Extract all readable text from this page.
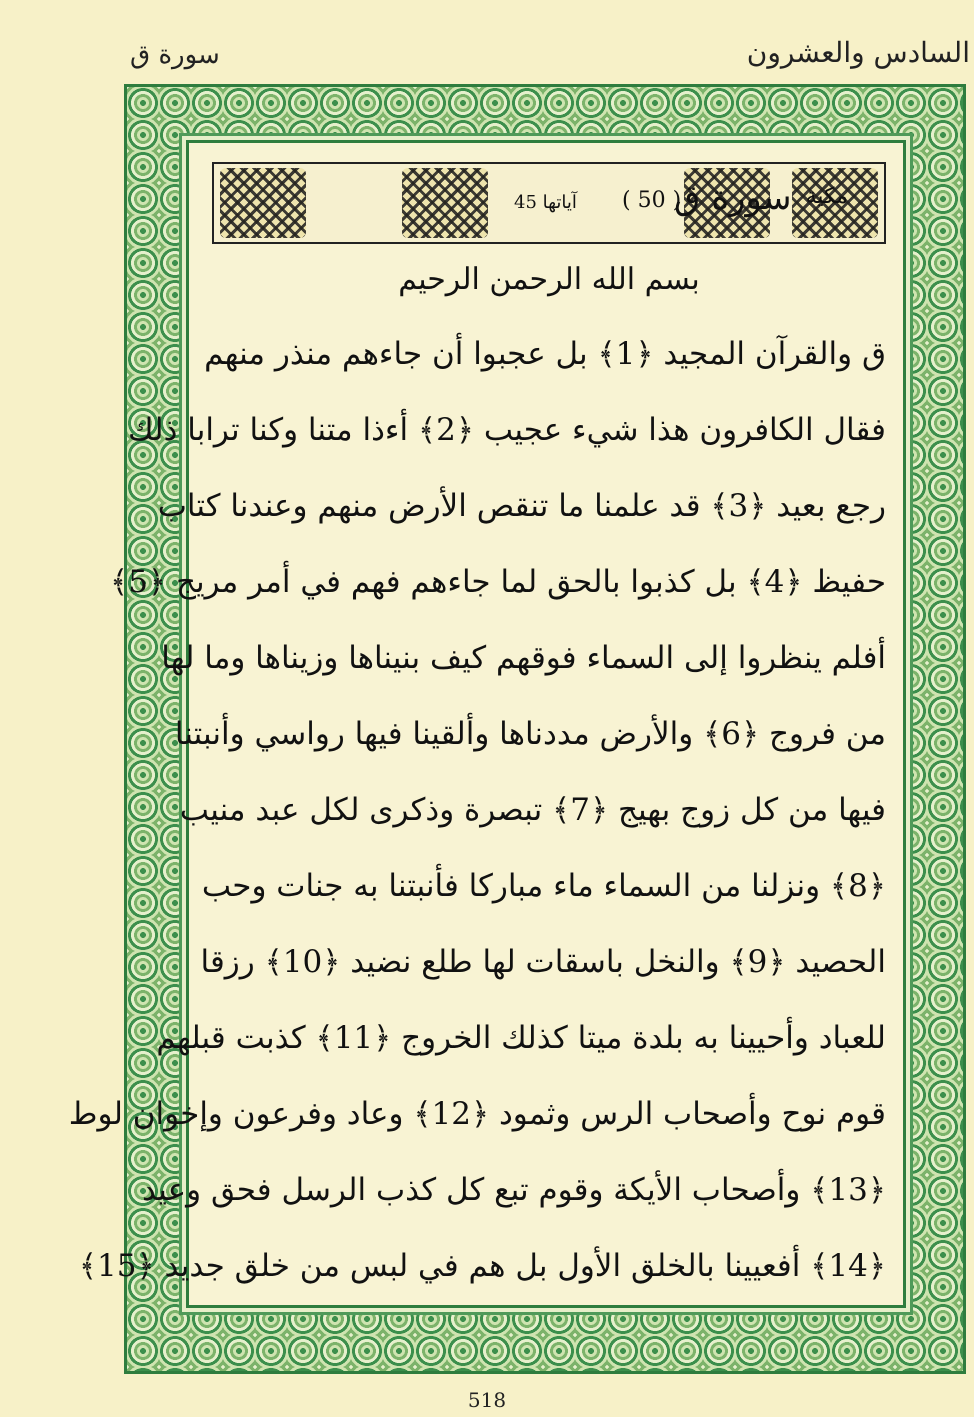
السادس والعشرون
سورة ق
مكية
سورة ق
( 50 )
آياتها 45
بسم الله الرحمن الرحيم
ق والقرآن المجيد ﴿1﴾ بل عجبوا أن جاءهم منذر منهم
فقال الكافرون هذا شيء عجيب ﴿2﴾ أءذا متنا وكنا ترابا ذلك
رجع بعيد ﴿3﴾ قد علمنا ما تنقص الأرض منهم وعندنا كتاب
حفيظ ﴿4﴾ بل كذبوا بالحق لما جاءهم فهم في أمر مريج ﴿5﴾
أفلم ينظروا إلى السماء فوقهم كيف بنيناها وزيناها وما لها
من فروج ﴿6﴾ والأرض مددناها وألقينا فيها رواسي وأنبتنا
فيها من كل زوج بهيج ﴿7﴾ تبصرة وذكرى لكل عبد منيب
﴿8﴾ ونزلنا من السماء ماء مباركا فأنبتنا به جنات وحب
الحصيد ﴿9﴾ والنخل باسقات لها طلع نضيد ﴿10﴾ رزقا
للعباد وأحيينا به بلدة ميتا كذلك الخروج ﴿11﴾ كذبت قبلهم
قوم نوح وأصحاب الرس وثمود ﴿12﴾ وعاد وفرعون وإخوان لوط
﴿13﴾ وأصحاب الأيكة وقوم تبع كل كذب الرسل فحق وعيد
﴿14﴾ أفعيينا بالخلق الأول بل هم في لبس من خلق جديد ﴿15﴾
518
